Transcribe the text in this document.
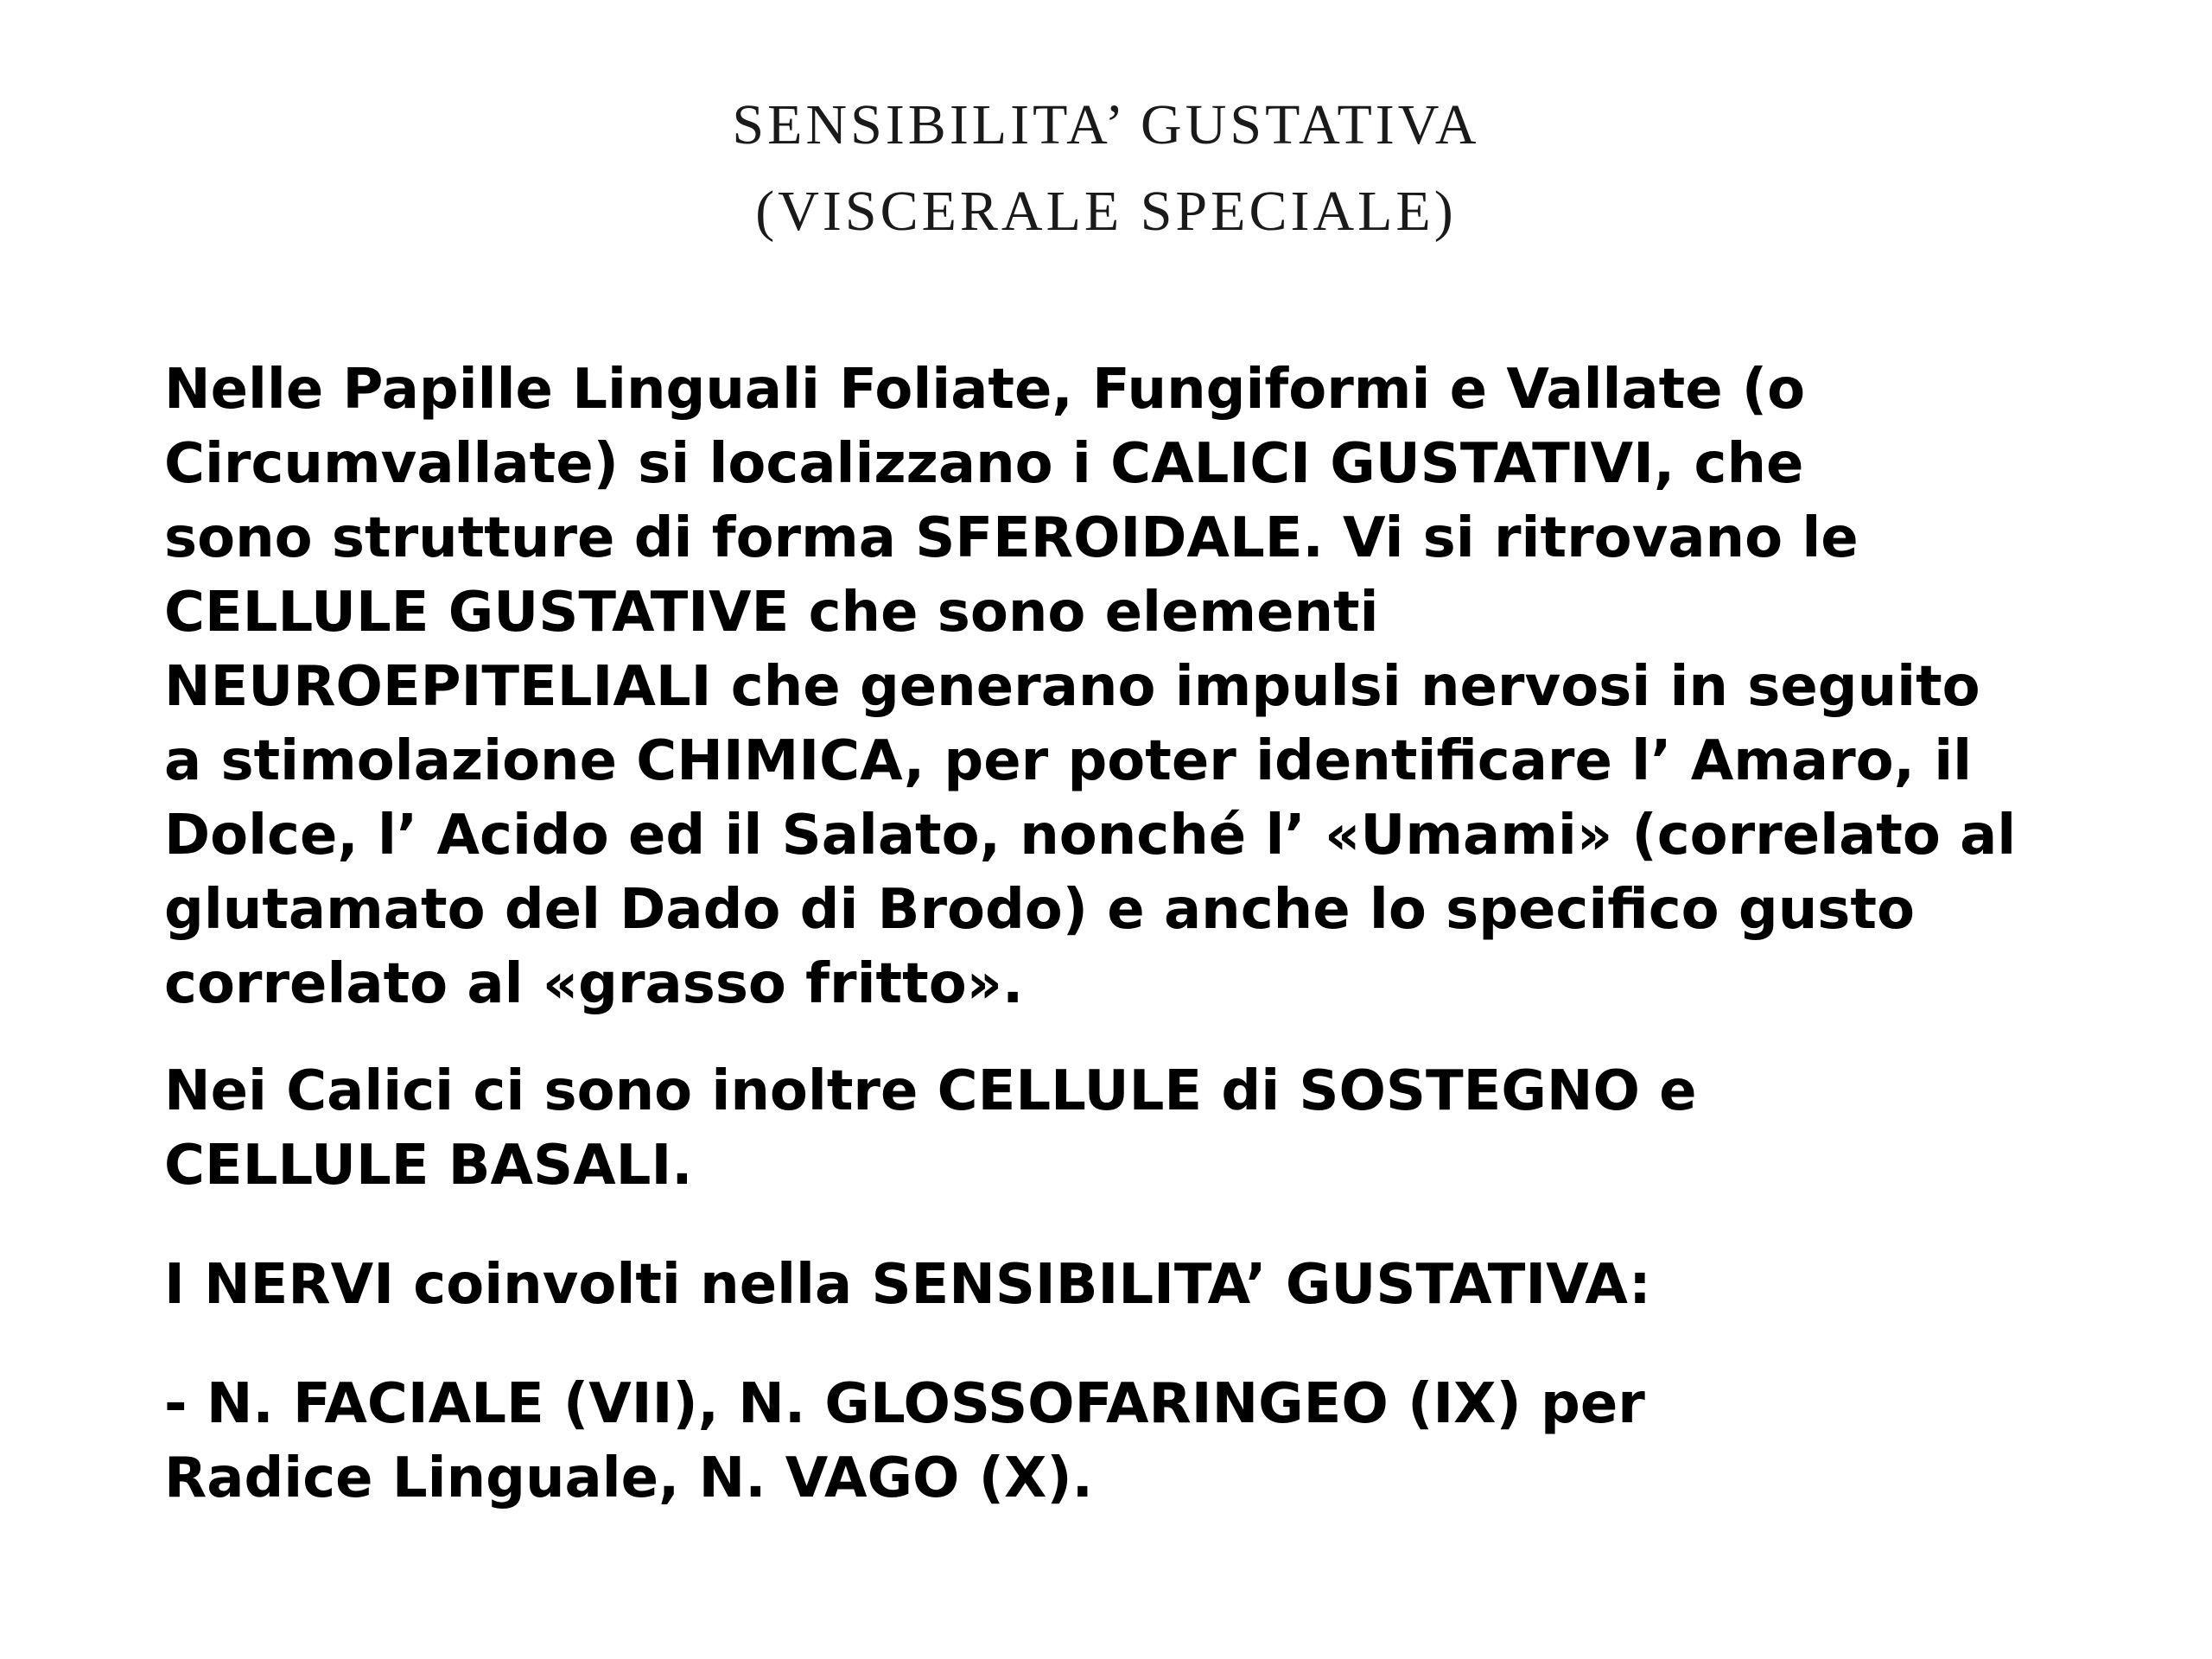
SENSIBILITA’ GUSTATIVA
(VISCERALE SPECIALE)

Nelle Papille Linguali Foliate, Fungiformi e Vallate (o
Circumvallate) si localizzano i CALICI GUSTATIVI, che
sono strutture di forma SFEROIDALE. Vi si ritrovano le
CELLULE GUSTATIVE che sono elementi
NEUROEPITELIALI che generano impulsi nervosi in seguito
a stimolazione CHIMICA, per poter identificare l’ Amaro, il
Dolce, l’ Acido ed il Salato, nonché l’ «Umami» (correlato al
glutamato del Dado di Brodo) e anche lo specifico gusto
correlato al «grasso fritto».

Nei Calici ci sono inoltre CELLULE di SOSTEGNO e
CELLULE BASALI.

I NERVI coinvolti nella SENSIBILITA’ GUSTATIVA:

- N. FACIALE (VII), N. GLOSSOFARINGEO (IX) per
Radice Linguale, N. VAGO (X).
